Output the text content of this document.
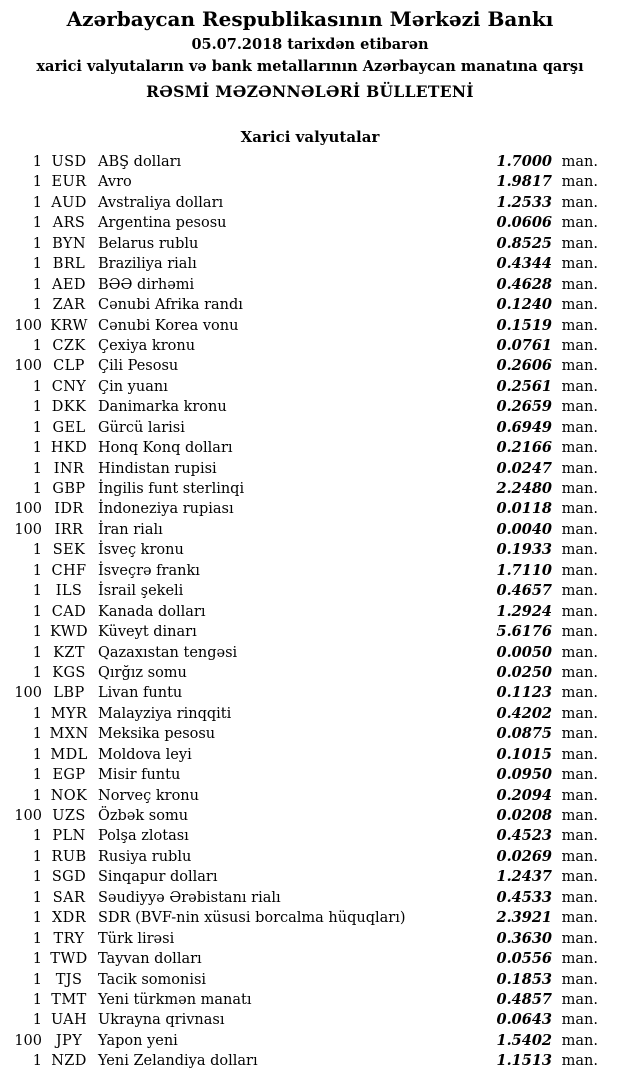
Azərbaycan Respublikasının Mərkəzi Bankı
05.07.2018 tarixdən etibarən
xarici valyutaların və bank metallarının Azərbaycan manatına qarşı
RƏSMİ MƏZƏNNƏLƏRİ BÜLLETENİ
Xarici valyutalar
1 USD ABŞ dolları	1.7000 man.
1 EUR Avro	1.9817 man.
1 AUD Avstraliya dolları	1.2533 man.
1 ARS Argentina pesosu	0.0606 man.
1 BYN Belarus rublu	0.8525 man.
1 BRL Braziliya rialı	0.4344 man.
1 AED BƏƏ dirhəmi	0.4628 man.
1 ZAR Cənubi Afrika randı	0.1240 man.
100 KRW Cənubi Korea vonu	0.1519 man.
1 CZK Çexiya kronu	0.0761 man.
100 CLP Çili Pesosu	0.2606 man.
1 CNY Çin yuanı	0.2561 man.
1 DKK Danimarka kronu	0.2659 man.
1 GEL Gürcü larisi	0.6949 man.
1 HKD Honq Konq dolları	0.2166 man.
1 INR Hindistan rupisi	0.0247 man.
1 GBP İngilis funt sterlinqi	2.2480 man.
100 IDR İndoneziya rupiası	0.0118 man.
100 IRR	İran rialı	0.0040 man.
1 SEK İsveç kronu	0.1933 man.
1 CHF İsveçrə frankı	1.7110 man.
1 ILS	İsrail şekeli	0.4657 man.
1 CAD Kanada dolları	1.2924 man.
1 KWD Küveyt dinarı	5.6176 man.
1 KZT Qazaxıstan tengəsi	0.0050 man.
1 KGS Qırğız somu	0.0250 man.
100 LBP Livan funtu	0.1123 man.
1 MYR Malayziya rinqqiti	0.4202 man.
1 MXN Meksika pesosu	0.0875 man.
1 MDL Moldova leyi	0.1015 man.
1 EGP Misir funtu	0.0950 man.
1 NOK Norveç kronu	0.2094 man.
100 UZS Özbək somu	0.0208 man.
1 PLN Polşa zlotası	0.4523 man.
1 RUB Rusiya rublu	0.0269 man.
1 SGD Sinqapur dolları	1.2437 man.
1 SAR Səudiyyə Ərəbistanı rialı	0.4533 man.
1 XDR SDR (BVF-nin xüsusi borcalma hüquqları)	2.3921 man.
1 TRY Türk lirəsi	0.3630 man.
1 TWD Tayvan dolları	0.0556 man.
1 TJS	Tacik somonisi	0.1853 man.
1 TMT Yeni türkmən manatı	0.4857 man.
1 UAH Ukrayna qrivnası	0.0643 man.
100 JPY	Yapon yeni	1.5402 man.
1 NZD Yeni Zelandiya dolları	1.1513 man.
